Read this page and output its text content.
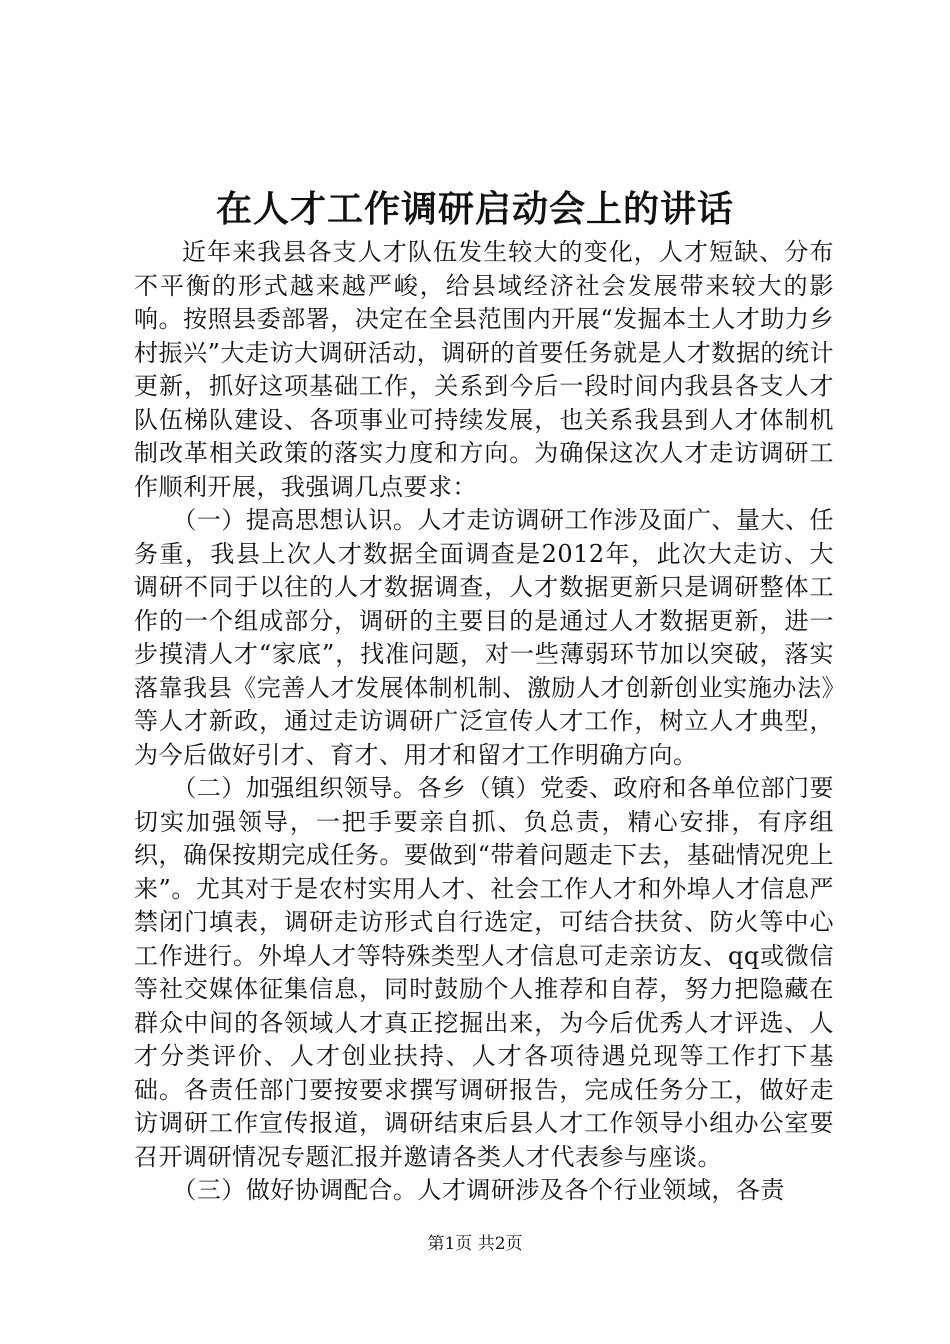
在人才工作调研启动会上的讲话

近年来我县各支人才队伍发生较大的变化，人才短缺、分布不平衡的形式越来越严峻，给县域经济社会发展带来较大的影响。按照县委部署，决定在全县范围内开展“发掘本土人才助力乡村振兴”大走访大调研活动，调研的首要任务就是人才数据的统计更新，抓好这项基础工作，关系到今后一段时间内我县各支人才队伍梯队建设、各项事业可持续发展，也关系我县到人才体制机制改革相关政策的落实力度和方向。为确保这次人才走访调研工作顺利开展，我强调几点要求：

（一）提高思想认识。人才走访调研工作涉及面广、量大、任务重，我县上次人才数据全面调查是2012年，此次大走访、大调研不同于以往的人才数据调查，人才数据更新只是调研整体工作的一个组成部分，调研的主要目的是通过人才数据更新，进一步摸清人才“家底”，找准问题，对一些薄弱环节加以突破，落实落靠我县《完善人才发展体制机制、激励人才创新创业实施办法》等人才新政，通过走访调研广泛宣传人才工作，树立人才典型，为今后做好引才、育才、用才和留才工作明确方向。

（二）加强组织领导。各乡（镇）党委、政府和各单位部门要切实加强领导，一把手要亲自抓、负总责，精心安排，有序组织，确保按期完成任务。要做到“带着问题走下去，基础情况兜上来”。尤其对于是农村实用人才、社会工作人才和外埠人才信息严禁闭门填表，调研走访形式自行选定，可结合扶贫、防火等中心工作进行。外埠人才等特殊类型人才信息可走亲访友、qq或微信等社交媒体征集信息，同时鼓励个人推荐和自荐，努力把隐藏在群众中间的各领域人才真正挖掘出来，为今后优秀人才评选、人才分类评价、人才创业扶持、人才各项待遇兑现等工作打下基础。各责任部门要按要求撰写调研报告，完成任务分工，做好走访调研工作宣传报道，调研结束后县人才工作领导小组办公室要召开调研情况专题汇报并邀请各类人才代表参与座谈。

（三）做好协调配合。人才调研涉及各个行业领域，各责

第1页 共2页
